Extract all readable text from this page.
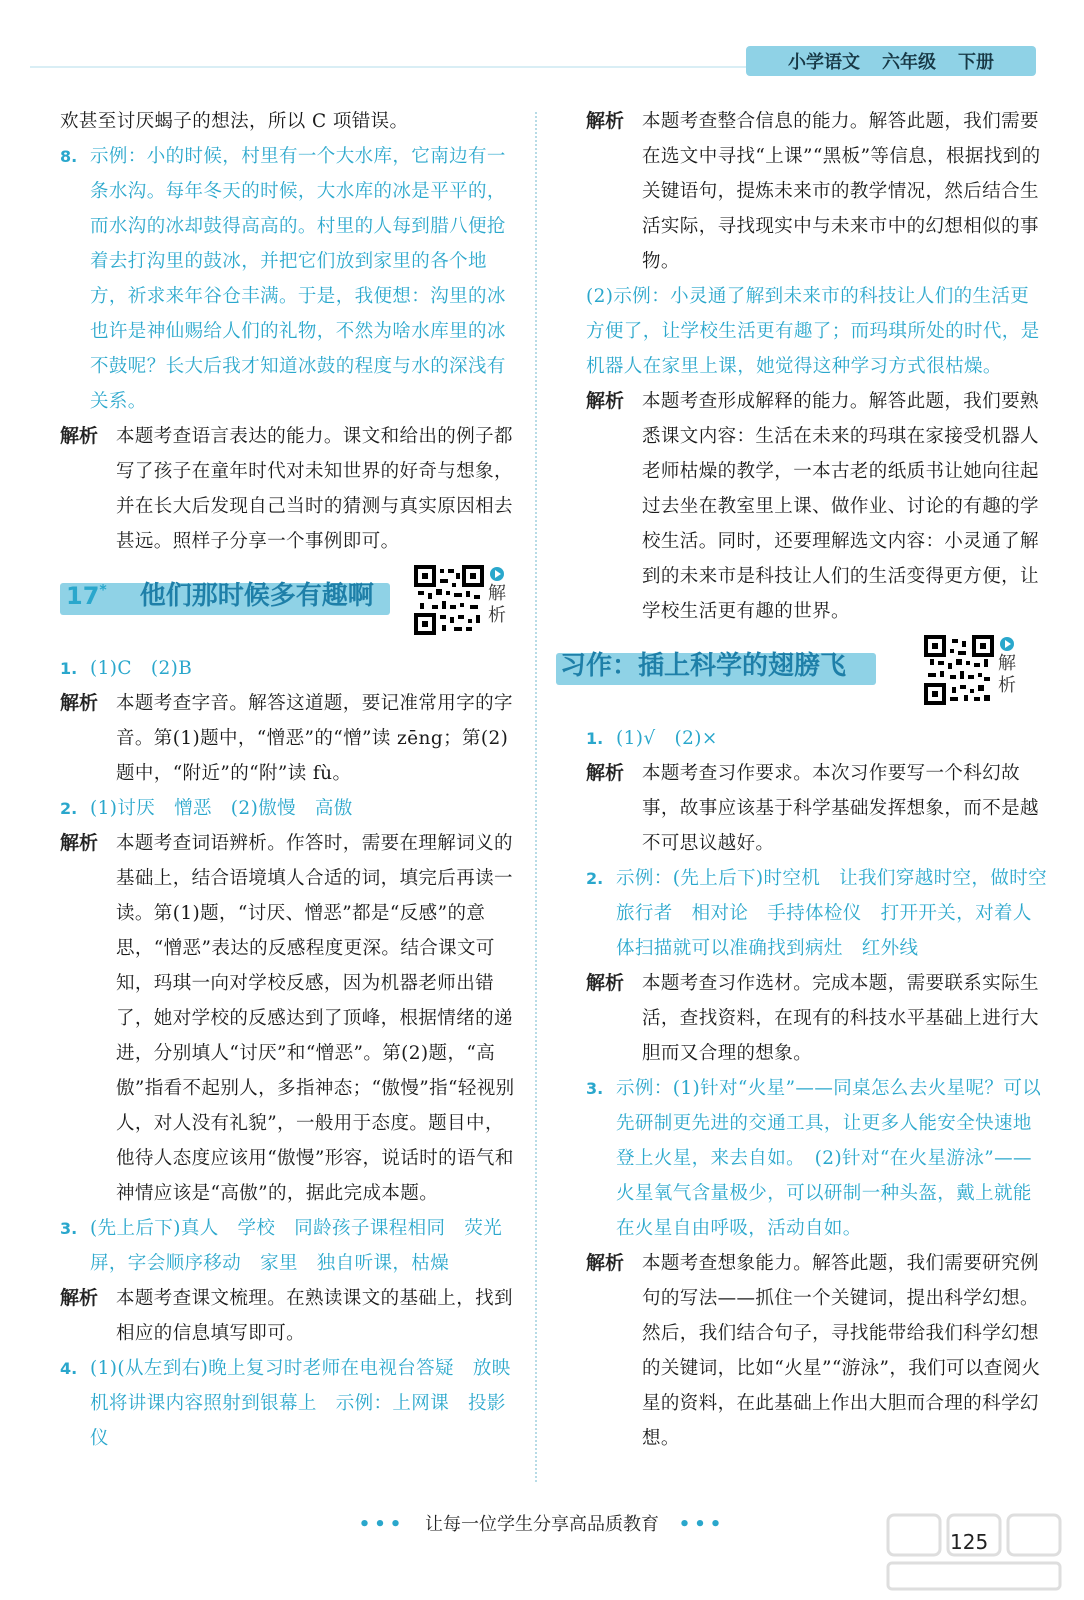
小学语文 六年级 下册

欢甚至讨厌蝎子的想法，所以 C 项错误。

8. 示例：小的时候，村里有一个大水库，它南边有一条水沟。每年冬天的时候，大水库的冰是平平的，而水沟的冰却鼓得高高的。村里的人每到腊八便抢着去打沟里的鼓冰，并把它们放到家里的各个地方，祈求来年谷仓丰满。于是，我便想：沟里的冰也许是神仙赐给人们的礼物，不然为啥水库里的冰不鼓呢？长大后我才知道冰鼓的程度与水的深浅有关系。

解析 本题考查语言表达的能力。课文和给出的例子都写了孩子在童年时代对未知世界的好奇与想象，并在长大后发现自己当时的猜测与真实原因相去甚远。照样子分享一个事例即可。

17* 他们那时候多有趣啊	解析
1. (1)C　(2)B

解析 本题考查字音。解答这道题，要记准常用字的字音。第(1)题中，“憎恶”的“憎”读 zēng；第(2)题中，“附近”的“附”读 fù。

2. (1)讨厌　憎恶　(2)傲慢　高傲

解析 本题考查词语辨析。作答时，需要在理解词义的基础上，结合语境填人合适的词，填完后再读一读。第(1)题，“讨厌、憎恶”都是“反感”的意思，“憎恶”表达的反感程度更深。结合课文可知，玛琪一向对学校反感，因为机器老师出错了，她对学校的反感达到了顶峰，根据情绪的递进，分别填人“讨厌”和“憎恶”。第(2)题，“高傲”指看不起别人，多指神态；“傲慢”指“轻视别人，对人没有礼貌”，一般用于态度。题目中，他待人态度应该用“傲慢”形容，说话时的语气和神情应该是“高傲”的，据此完成本题。

3. (先上后下)真人　学校　同龄孩子课程相同　荧光屏，字会顺序移动　家里　独自听课，枯燥

解析 本题考查课文梳理。在熟读课文的基础上，找到相应的信息填写即可。

4. (1)(从左到右)晚上复习时老师在电视台答疑　放映机将讲课内容照射到银幕上　示例：上网课　投影仪

解析 本题考查整合信息的能力。解答此题，我们需要在选文中寻找“上课”“黑板”等信息，根据找到的关键语句，提炼未来市的教学情况，然后结合生活实际，寻找现实中与未来市中的幻想相似的事物。

(2)示例：小灵通了解到未来市的科技让人们的生活更方便了，让学校生活更有趣了；而玛琪所处的时代，是机器人在家里上课，她觉得这种学习方式很枯燥。

解析 本题考查形成解释的能力。解答此题，我们要熟悉课文内容：生活在未来的玛琪在家接受机器人老师枯燥的教学，一本古老的纸质书让她向往起过去坐在教室里上课、做作业、讨论的有趣的学校生活。同时，还要理解选文内容：小灵通了解到的未来市是科技让人们的生活变得更方便，让学校生活更有趣的世界。

习作：插上科学的翅膀飞	解析
1. (1)√　(2)×

解析 本题考查习作要求。本次习作要写一个科幻故事，故事应该基于科学基础发挥想象，而不是越不可思议越好。

2. 示例：(先上后下)时空机　让我们穿越时空，做时空旅行者　相对论　手持体检仪　打开开关，对着人体扫描就可以准确找到病灶　红外线

解析 本题考查习作选材。完成本题，需要联系实际生活，查找资料，在现有的科技水平基础上进行大胆而又合理的想象。

3. 示例：(1)针对“火星”——同桌怎么去火星呢？可以先研制更先进的交通工具，让更多人能安全快速地登上火星，来去自如。　(2)针对“在火星游泳”——火星氧气含量极少，可以研制一种头盔，戴上就能在火星自由呼吸，活动自如。

解析 本题考查想象能力。解答此题，我们需要研究例句的写法——抓住一个关键词，提出科学幻想。然后，我们结合句子，寻找能带给我们科学幻想的关键词，比如“火星”“游泳”，我们可以查阅火星的资料，在此基础上作出大胆而合理的科学幻想。

••• 让每一位学生分享高品质教育 •••
125
